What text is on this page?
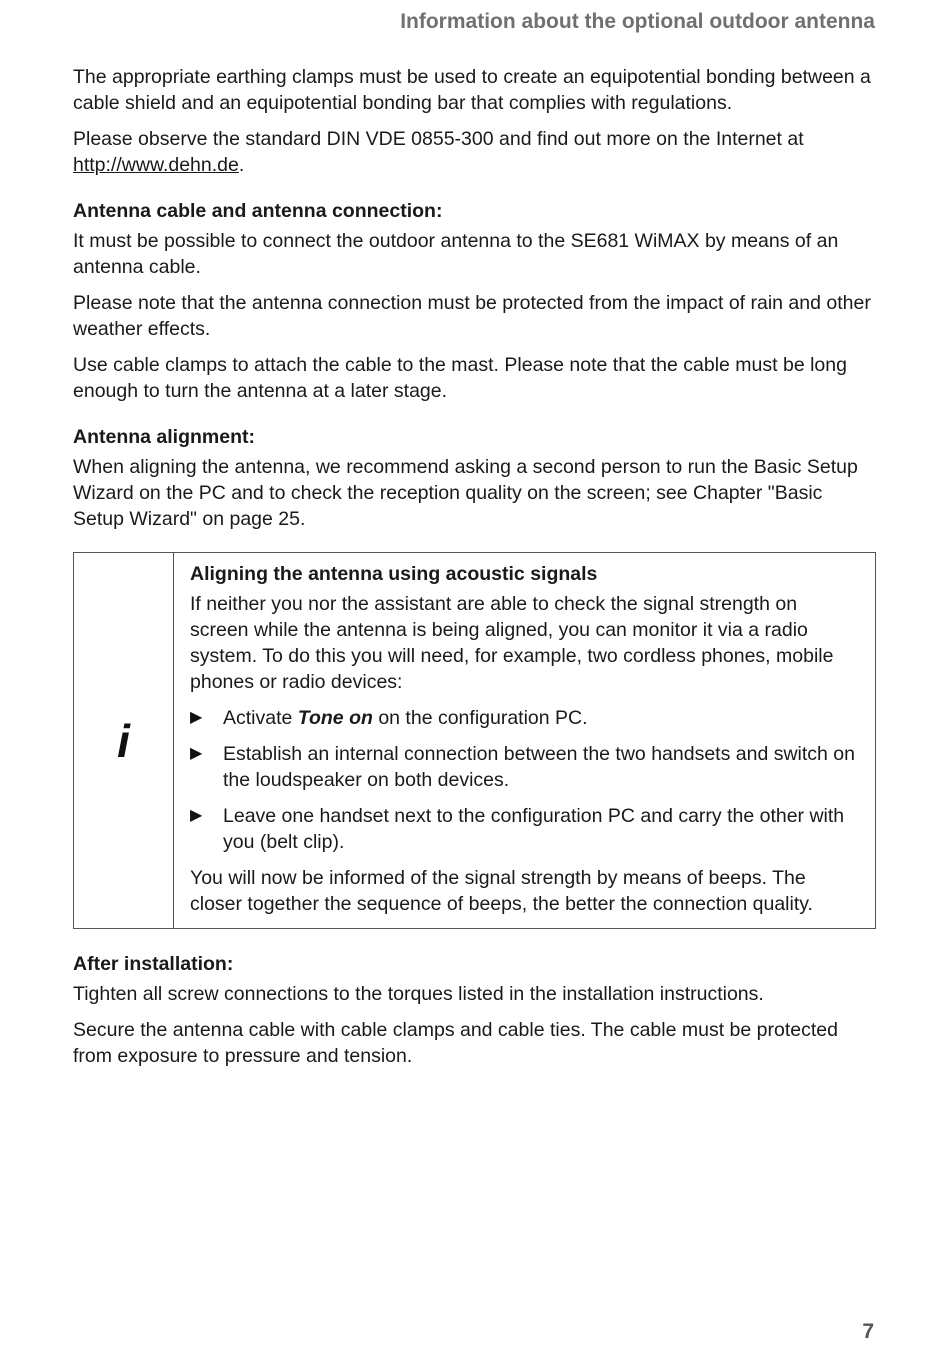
Information about the optional outdoor antenna

The appropriate earthing clamps must be used to create an equipotential bonding between a cable shield and an equipotential bonding bar that complies with regulations.

Please observe the standard DIN VDE 0855-300 and find out more on the Internet at http://www.dehn.de.

Antenna cable and antenna connection:

It must be possible to connect the outdoor antenna to the SE681 WiMAX by means of an antenna cable.

Please note that the antenna connection must be protected from the impact of rain and other weather effects.

Use cable clamps to attach the cable to the mast. Please note that the cable must be long enough to turn the antenna at a later stage.

Antenna alignment:

When aligning the antenna, we recommend asking a second person to run the Basic Setup Wizard on the PC and to check the reception quality on the screen; see Chapter "Basic Setup Wizard" on page 25.

i
Aligning the antenna using acoustic signals

If neither you nor the assistant are able to check the signal strength on screen while the antenna is being aligned, you can monitor it via a radio system. To do this you will need, for example, two cordless phones, mobile phones or radio devices:

▶	Activate Tone on on the configuration PC.

▶	Establish an internal connection between the two handsets and switch on the loudspeaker on both devices.

▶	Leave one handset next to the configuration PC and carry the other with you (belt clip).

You will now be informed of the signal strength by means of beeps. The closer together the sequence of beeps, the better the connection quality.

After installation:

Tighten all screw connections to the torques listed in the installation instructions.

Secure the antenna cable with cable clamps and cable ties. The cable must be protected from exposure to pressure and tension.

7
